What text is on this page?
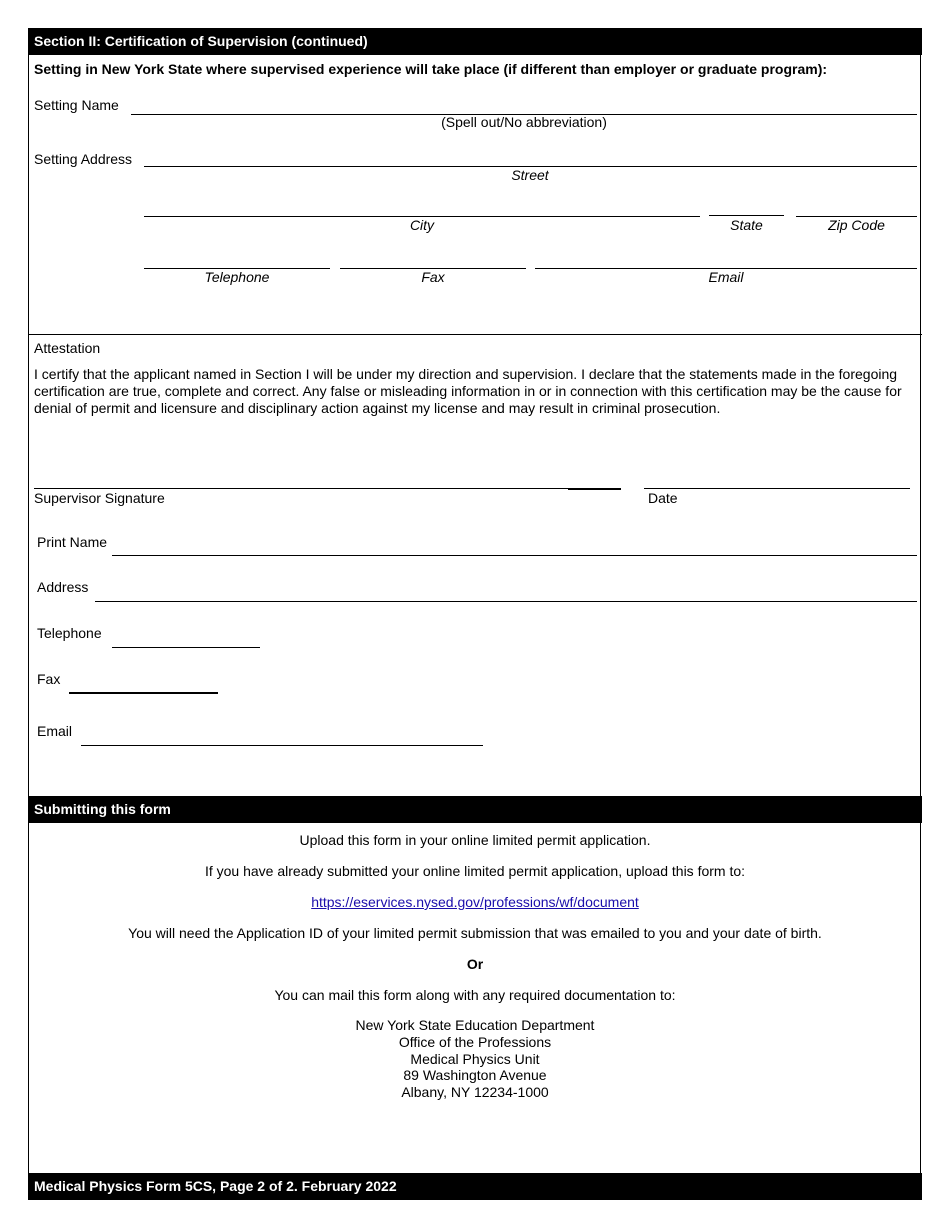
Section II: Certification of Supervision (continued)
Setting in New York State where supervised experience will take place (if different than employer or graduate program):
Setting Name
(Spell out/No abbreviation)
Setting Address
Street
City	State	Zip Code
Telephone	Fax	Email
Attestation
I certify that the applicant named in Section I will be under my direction and supervision. I declare that the statements made in the foregoing certification are true, complete and correct. Any false or misleading information in or in connection with this certification may be the cause for denial of permit and licensure and disciplinary action against my license and may result in criminal prosecution.
Supervisor Signature	Date
Print Name
Address
Telephone
Fax
Email
Submitting this form
Upload this form in your online limited permit application.
If you have already submitted your online limited permit application, upload this form to:
https://eservices.nysed.gov/professions/wf/document
You will need the Application ID of your limited permit submission that was emailed to you and your date of birth.
Or
You can mail this form along with any required documentation to:
New York State Education Department
Office of the Professions
Medical Physics Unit
89 Washington Avenue
Albany, NY 12234-1000
Medical Physics Form 5CS, Page 2 of 2. February 2022
